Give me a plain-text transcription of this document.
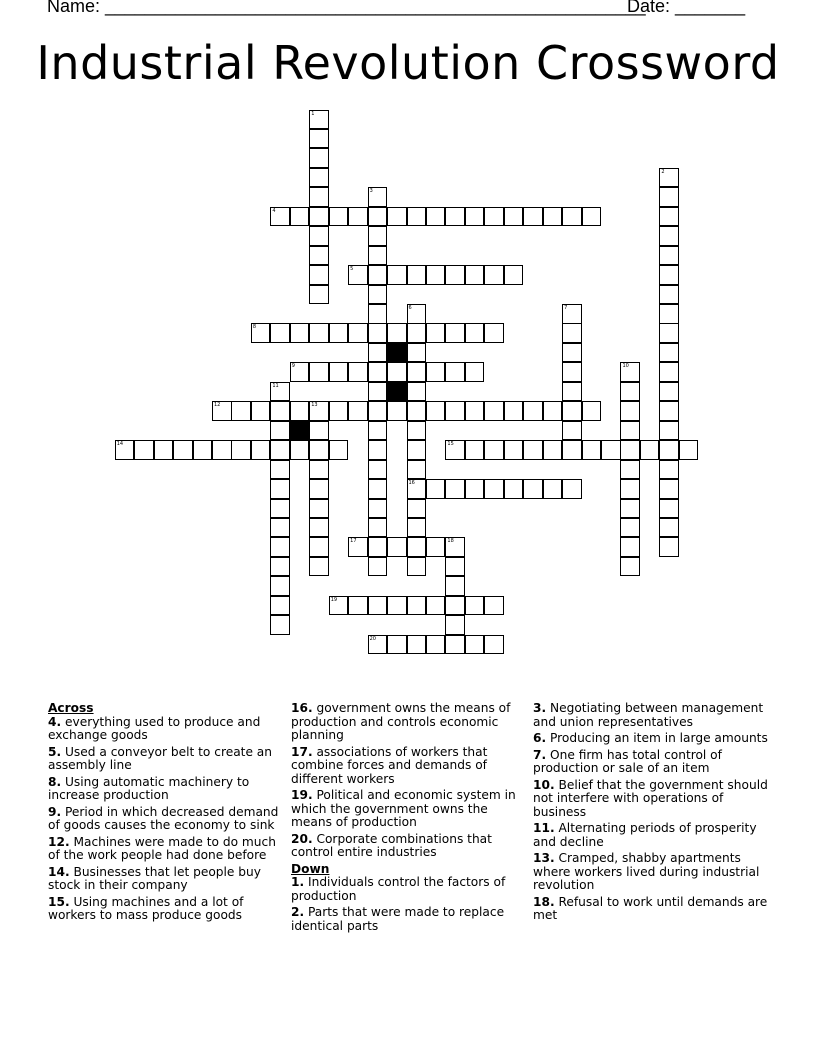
Name: ______________________________________________________
Date: _______
Industrial Revolution Crossword
1
2
3
4
5
6
16
7
8
9	10
11
12	13
14	15
17	18
19
20
Across
4. everything used to produce and exchange goods
5. Used a conveyor belt to create an assembly line
8. Using automatic machinery to increase production
9. Period in which decreased demand of goods causes the economy to sink
12. Machines were made to do much of the work people had done before
14. Businesses that let people buy stock in their company
15. Using machines and a lot of workers to mass produce goods
16. government owns the means of production and controls economic planning
17. associations of workers that combine forces and demands of different workers
19. Political and economic system in which the government owns the means of production
20. Corporate combinations that control entire industries
Down
1. Individuals control the factors of production
2. Parts that were made to replace identical parts
3. Negotiating between management and union representatives
6. Producing an item in large amounts
7. One firm has total control of production or sale of an item
10. Belief that the government should not interfere with operations of business
11. Alternating periods of prosperity and decline
13. Cramped, shabby apartments where workers lived during industrial revolution
18. Refusal to work until demands are met
